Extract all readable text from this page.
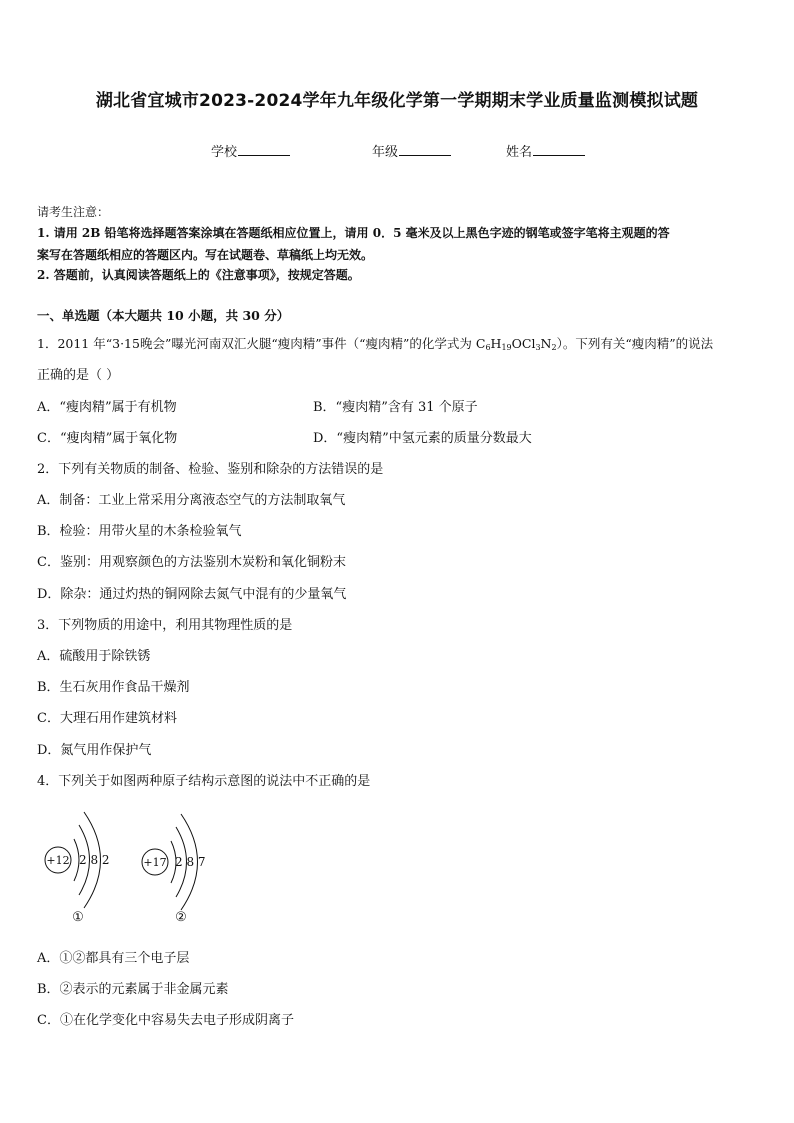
湖北省宜城市2023-2024学年九年级化学第一学期期末学业质量监测模拟试题
学校	年级	姓名
请考生注意：
1. 请用 2B 铅笔将选择题答案涂填在答题纸相应位置上，请用 0．5 毫米及以上黑色字迹的钢笔或签字笔将主观题的答
案写在答题纸相应的答题区内。写在试题卷、草稿纸上均无效。
2. 答题前，认真阅读答题纸上的《注意事项》，按规定答题。
一、单选题（本大题共 10 小题，共 30 分）
1．2011 年“3·15晚会”曝光河南双汇火腿“瘦肉精”事件（“瘦肉精”的化学式为 $C_6H_{19}OCl_3N_2$）。下列有关“瘦肉精”的说法
正确的是（ ）
A．“瘦肉精”属于有机物	B．“瘦肉精”含有 31 个原子
C．“瘦肉精”属于氧化物	D．“瘦肉精”中氢元素的质量分数最大
2．下列有关物质的制备、检验、鉴别和除杂的方法错误的是
A．制备：工业上常采用分离液态空气的方法制取氧气
B．检验：用带火星的木条检验氧气
C．鉴别：用观察颜色的方法鉴别木炭粉和氧化铜粉末
D．除杂：通过灼热的铜网除去氮气中混有的少量氧气
3．下列物质的用途中，利用其物理性质的是
A．硫酸用于除铁锈
B．生石灰用作食品干燥剂
C．大理石用作建筑材料
D．氮气用作保护气
4．下列关于如图两种原子结构示意图的说法中不正确的是
+12 2 8 2
①
+17 2 8 7
②
A．①②都具有三个电子层
B．②表示的元素属于非金属元素
C．①在化学变化中容易失去电子形成阴离子
